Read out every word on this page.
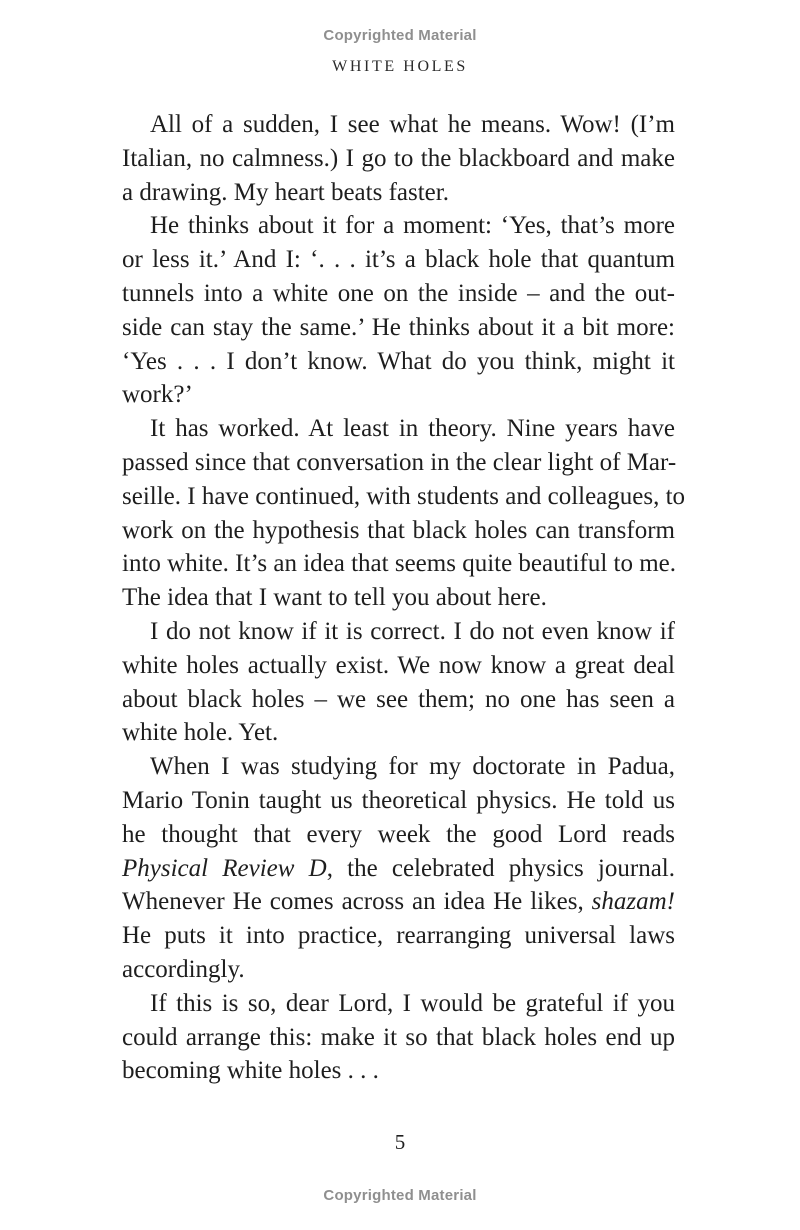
Copyrighted Material
WHITE HOLES
All of a sudden, I see what he means. Wow! (I’m
Italian, no calmness.) I go to the blackboard and make
a drawing. My heart beats faster.
He thinks about it for a moment: ‘Yes, that’s more
or less it.’ And I: ‘. . . it’s a black hole that quantum
tunnels into a white one on the inside – and the out-
side can stay the same.’ He thinks about it a bit more:
‘Yes . . . I don’t know. What do you think, might it
work?’
It has worked. At least in theory. Nine years have
passed since that conversation in the clear light of Mar-
seille. I have continued, with students and colleagues, to
work on the hypothesis that black holes can transform
into white. It’s an idea that seems quite beautiful to me.
The idea that I want to tell you about here.
I do not know if it is correct. I do not even know if
white holes actually exist. We now know a great deal
about black holes – we see them; no one has seen a
white hole. Yet.
When I was studying for my doctorate in Padua,
Mario Tonin taught us theoretical physics. He told us
he thought that every week the good Lord reads
Physical Review D, the celebrated physics journal.
Whenever He comes across an idea He likes, shazam!
He puts it into practice, rearranging universal laws
accordingly.
If this is so, dear Lord, I would be grateful if you
could arrange this: make it so that black holes end up
becoming white holes . . .
5
Copyrighted Material
